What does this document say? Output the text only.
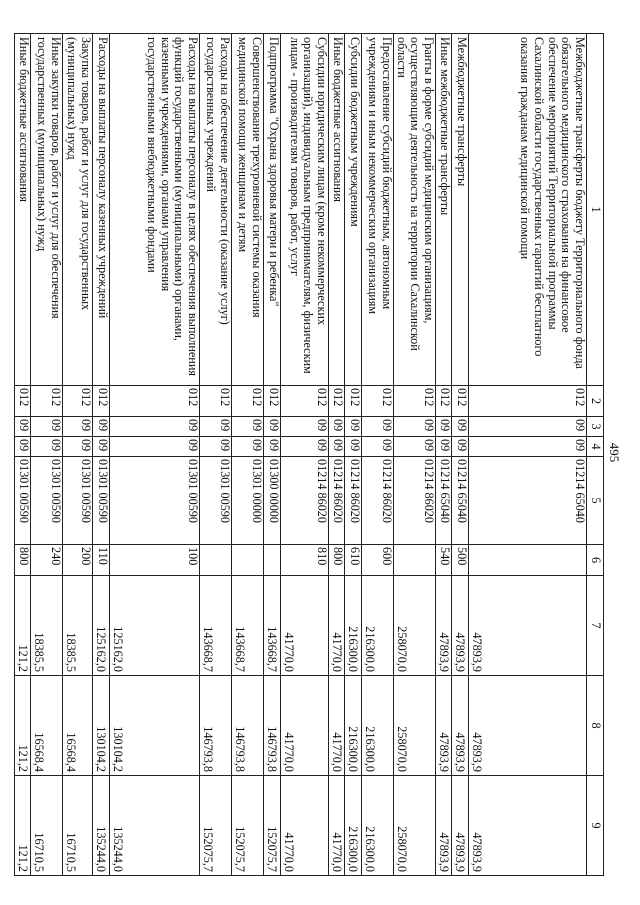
495
1	2	3	4	5	6	7	8	9
Межбюджетные трансферты бюджету Территориального фонда обязательного медицинского страхования на финансовое обеспечение мероприятий Территориальной программы Сахалинской области государственных гарантий бесплатного оказания гражданам медицинской помощи	012	09	09	01214 65040		47893,9	47893,9	47893,9
Межбюджетные трансферты	012	09	09	01214 65040	500	47893,9	47893,9	47893,9
Иные межбюджетные трансферты	012	09	09	01214 65040	540	47893,9	47893,9	47893,9
Гранты в форме субсидий медицинским организациям, осуществляющим деятельность на территории Сахалинской области	012	09	09	01214 86020		258070,0	258070,0	258070,0
Предоставление субсидий бюджетным, автономным учреждениям и иным некоммерческим организациям	012	09	09	01214 86020	600	216300,0	216300,0	216300,0
Субсидии бюджетным учреждениям	012	09	09	01214 86020	610	216300,0	216300,0	216300,0
Иные бюджетные ассигнования	012	09	09	01214 86020	800	41770,0	41770,0	41770,0
Субсидии юридическим лицам (кроме некоммерческих организаций), индивидуальным предпринимателям, физическим лицам - производителям товаров, работ, услуг	012	09	09	01214 86020	810	41770,0	41770,0	41770,0
Подпрограмма "Охрана здоровья матери и ребенка"	012	09	09	01300 00000		143668,7	146793,8	152075,7
Совершенствование трехуровневой системы оказания медицинской помощи женщинам и детям	012	09	09	01301 00000		143668,7	146793,8	152075,7
Расходы на обеспечение деятельности (оказание услуг) государственных учреждений	012	09	09	01301 00590		143668,7	146793,8	152075,7
Расходы на выплаты персоналу в целях обеспечения выполнения функций государственными (муниципальными) органами, казенными учреждениями, органами управления государственными внебюджетными фондами	012	09	09	01301 00590	100	125162,0	130104,2	135244,0
Расходы на выплаты персоналу казенных учреждений	012	09	09	01301 00590	110	125162,0	130104,2	135244,0
Закупка товаров, работ и услуг для государственных (муниципальных) нужд	012	09	09	01301 00590	200	18385,5	16568,4	16710,5
Иные закупки товаров, работ и услуг для обеспечения государственных (муниципальных) нужд	012	09	09	01301 00590	240	18385,5	16568,4	16710,5
Иные бюджетные ассигнования	012	09	09	01301 00590	800	121,2	121,2	121,2
